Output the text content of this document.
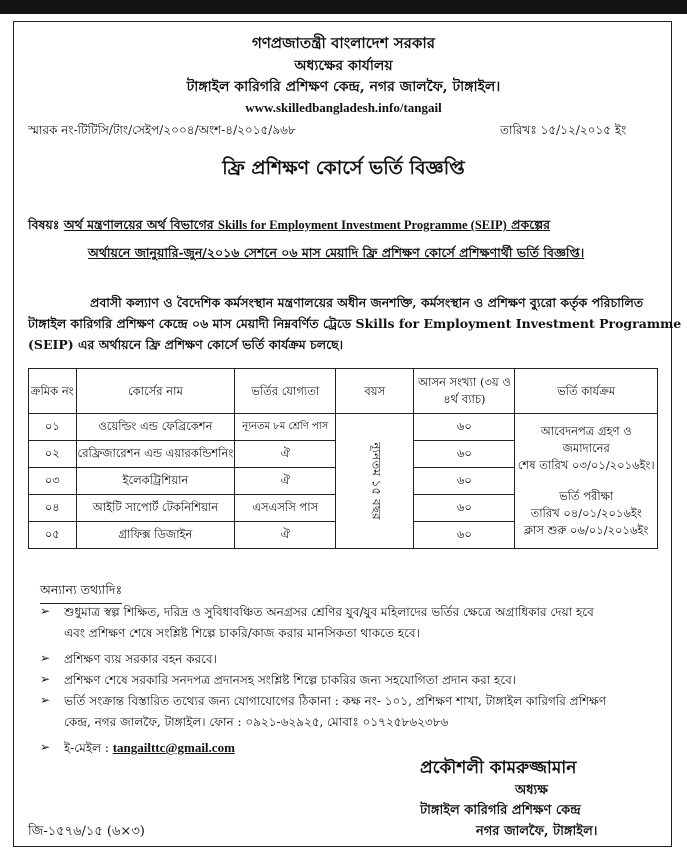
গণপ্রজাতন্ত্রী বাংলাদেশ সরকার
অধ্যক্ষের কার্যালয়
টাঙ্গাইল কারিগরি প্রশিক্ষণ কেন্দ্র, নগর জালফৈ, টাঙ্গাইল।
www.skilledbangladesh.info/tangail
স্মারক নং-টিটিসি/টাং/সেইপ/২০০৪/অংশ-৪/২০১৫/৯৬৮	তারিখঃ ১৫/১২/২০১৫ ইং
ফ্রি প্রশিক্ষণ কোর্সে ভর্তি বিজ্ঞপ্তি
বিষয়ঃ অর্থ মন্ত্রণালয়ের অর্থ বিভাগের Skills for Employment Investment Programme (SEIP) প্রকল্পের
অর্থায়নে জানুয়ারি-জুন/২০১৬ সেশনে ০৬ মাস মেয়াদি ফ্রি প্রশিক্ষণ কোর্সে প্রশিক্ষণার্থী ভর্তি বিজ্ঞপ্তি।
প্রবাসী কল্যাণ ও বৈদেশিক কর্মসংস্থান মন্ত্রণালয়ের অধীন জনশক্তি, কর্মসংস্থান ও প্রশিক্ষণ ব্যুরো কর্তৃক পরিচালিত
টাঙ্গাইল কারিগরি প্রশিক্ষণ কেন্দ্রে ০৬ মাস মেয়াদী নিম্নবর্ণিত ট্রেডে Skills for Employment Investment Programme
(SEIP) এর অর্থায়নে ফ্রি প্রশিক্ষণ কোর্সে ভর্তি কার্যক্রম চলছে।
ক্রমিক নং	কোর্সের নাম	ভর্তির যোগ্যতা	বয়স	আসন সংখ্যা (৩য় ও ৪র্থ ব্যাচ)	ভর্তি কার্যক্রম
০১	ওয়েল্ডিং এন্ড ফেব্রিকেশন	ন্যূনতম ৮ম শ্রেণি পাস	ন্যূনতম ১৫ বছর	৬০	আবেদনপত্র গ্রহণ ও জমাদানের
শেষ তারিখ ০৩/০১/২০১৬ইং।
ভর্তি পরীক্ষা
তারিখ ০৪/০১/২০১৬ইং
ক্লাস শুরু ০৬/০১/২০১৬ইং

০২	রেফ্রিজারেশন এন্ড এয়ারকন্ডিশনিং	ঐ		৬০	
০৩	ইলেকট্রিশিয়ান	ঐ		৬০	
০৪	আইটি সাপোর্ট টেকনিশিয়ান	এসএসসি পাস		৬০	
০৫	গ্রাফিক্স ডিজাইন	ঐ		৬০	
অন্যান্য তথ্যাদিঃ
➢ শুধুমাত্র স্বল্প শিক্ষিত, দরিদ্র ও সুবিধাবঞ্চিত অনগ্রসর শ্রেণির যুব/যুব মহিলাদের ভর্তির ক্ষেত্রে অগ্রাধিকার দেয়া হবে
এবং প্রশিক্ষণ শেষে সংশ্লিষ্ট শিল্পে চাকরি/কাজ করার মানসিকতা থাকতে হবে।
➢ প্রশিক্ষণ ব্যয় সরকার বহন করবে।
➢ প্রশিক্ষণ শেষে সরকারি সনদপত্র প্রদানসহ সংশ্লিষ্ট শিল্পে চাকরির জন্য সহযোগিতা প্রদান করা হবে।
➢ ভর্তি সংক্রান্ত বিস্তারিত তথ্যের জন্য যোগাযোগের ঠিকানা : কক্ষ নং- ১০১, প্রশিক্ষণ শাখা, টাঙ্গাইল কারিগরি প্রশিক্ষণ
কেন্দ্র, নগর জালফৈ, টাঙ্গাইল। ফোন : ০৯২১-৬২৯২৫, মোবাঃ ০১৭২৫৮৬২৩৮৬
➢ ই-মেইল : tangailttc@gmail.com
প্রকৌশলী কামরুজ্জামান
অধ্যক্ষ
টাঙ্গাইল কারিগরি প্রশিক্ষণ কেন্দ্র
নগর জালফৈ, টাঙ্গাইল।
জি-১৫৭৬/১৫ (৬×৩)
